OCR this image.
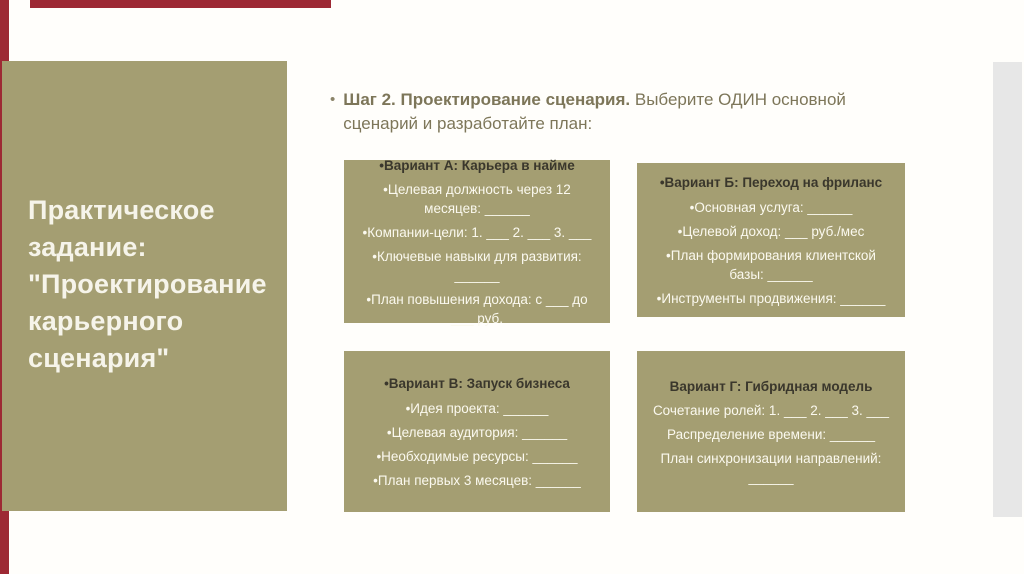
Практическое задание: "Проектирование карьерного сценария"
• Шаг 2. Проектирование сценария. Выберите ОДИН основной сценарий и разработайте план:
•Вариант А: Карьера в найме
•Целевая должность через 12 месяцев: ______
•Компании-цели: 1. ___ 2. ___ 3. ___
•Ключевые навыки для развития: ______
•План повышения дохода: с ___ до ___ руб.
•Вариант Б: Переход на фриланс
•Основная услуга: ______
•Целевой доход: ___ руб./мес
•План формирования клиентской базы: ______
•Инструменты продвижения: ______
•Вариант В: Запуск бизнеса
•Идея проекта: ______
•Целевая аудитория: ______
•Необходимые ресурсы: ______
•План первых 3 месяцев: ______
Вариант Г: Гибридная модель
Сочетание ролей: 1. ___ 2. ___ 3. ___
Распределение времени: ______
План синхронизации направлений: ______
